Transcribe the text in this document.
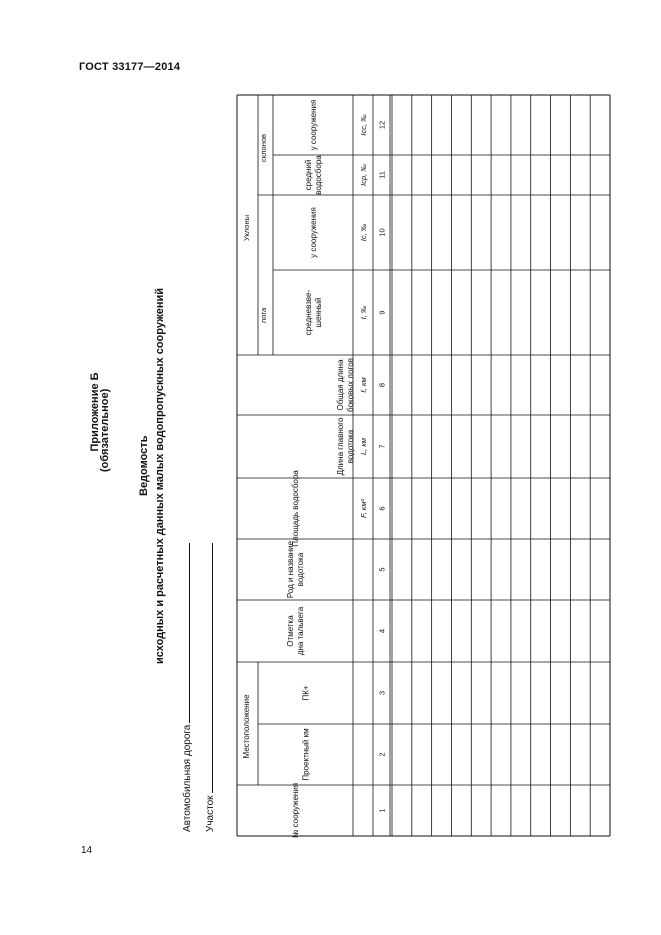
ГОСТ 33177—2014
Приложение Б
(обязательное) Ведомость исходных и расчетных данных малых водопропускных сооружений
Автомобильная дорога Участок
Местоположение
Уклоны
лога
склонов
№ сооружения
Проектный км
ПК+
Отметка дна тальвега
Род и название водотока
Площадь водосбора
Длина главного водотока
Общая длина боковых логов
средневзве- шенный
у сооружения
средний водосбора
у сооружения
F, км²
L, км
ℓ, км
I, ‰
Iс, ‰
Iср, ‰
Iсс, ‰
1
2
3
4
5
6
7
8
9
10
11
12
14
